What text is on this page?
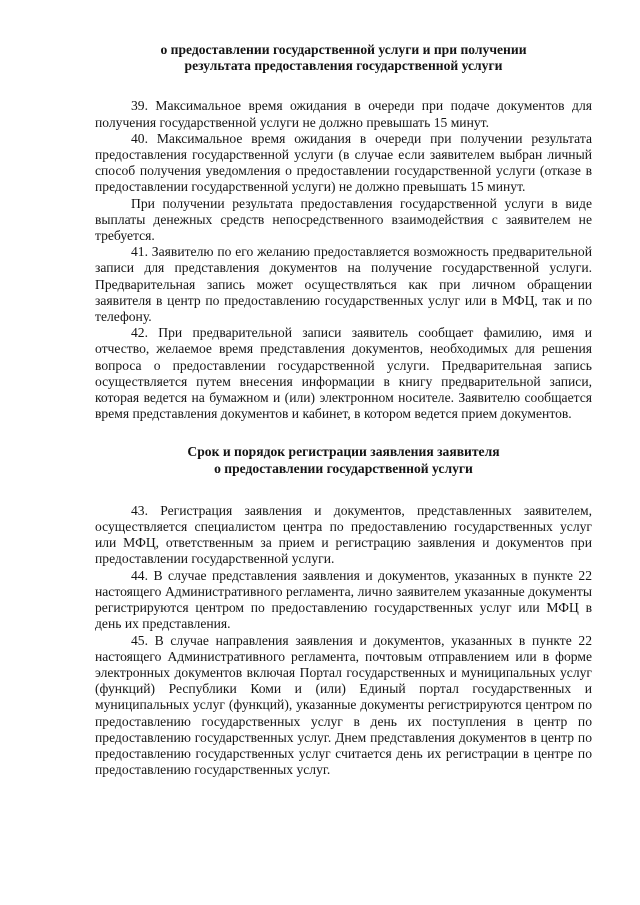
о предоставлении государственной услуги и при получении
результата предоставления государственной услуги

39. Максимальное время ожидания в очереди при подаче документов для получения государственной услуги не должно превышать 15 минут.

40. Максимальное время ожидания в очереди при получении результата предоставления государственной услуги (в случае если заявителем выбран личный способ получения уведомления о предоставлении государственной услуги (отказе в предоставлении государственной услуги) не должно превышать 15 минут.

При получении результата предоставления государственной услуги в виде выплаты денежных средств непосредственного взаимодействия с заявителем не требуется.

41. Заявителю по его желанию предоставляется возможность предварительной записи для представления документов на получение государственной услуги. Предварительная запись может осуществляться как при личном обращении заявителя в центр по предоставлению государственных услуг или в МФЦ, так и по телефону.

42. При предварительной записи заявитель сообщает фамилию, имя и отчество, желаемое время представления документов, необходимых для решения вопроса о предоставлении государственной услуги. Предварительная запись осуществляется путем внесения информации в книгу предварительной записи, которая ведется на бумажном и (или) электронном носителе. Заявителю сообщается время представления документов и кабинет, в котором ведется прием документов.

Срок и порядок регистрации заявления заявителя
о предоставлении государственной услуги

43. Регистрация заявления и документов, представленных заявителем, осуществляется специалистом центра по предоставлению государственных услуг или МФЦ, ответственным за прием и регистрацию заявления и документов при предоставлении государственной услуги.

44. В случае представления заявления и документов, указанных в пункте 22 настоящего Административного регламента, лично заявителем указанные документы регистрируются центром по предоставлению государственных услуг или МФЦ в день их представления.

45. В случае направления заявления и документов, указанных в пункте 22 настоящего Административного регламента, почтовым отправлением или в форме электронных документов включая Портал государственных и муниципальных услуг (функций) Республики Коми и (или) Единый портал государственных и муниципальных услуг (функций), указанные документы регистрируются центром по предоставлению государственных услуг в день их поступления в центр по предоставлению государственных услуг. Днем представления документов в центр по предоставлению государственных услуг считается день их регистрации в центре по предоставлению государственных услуг.
